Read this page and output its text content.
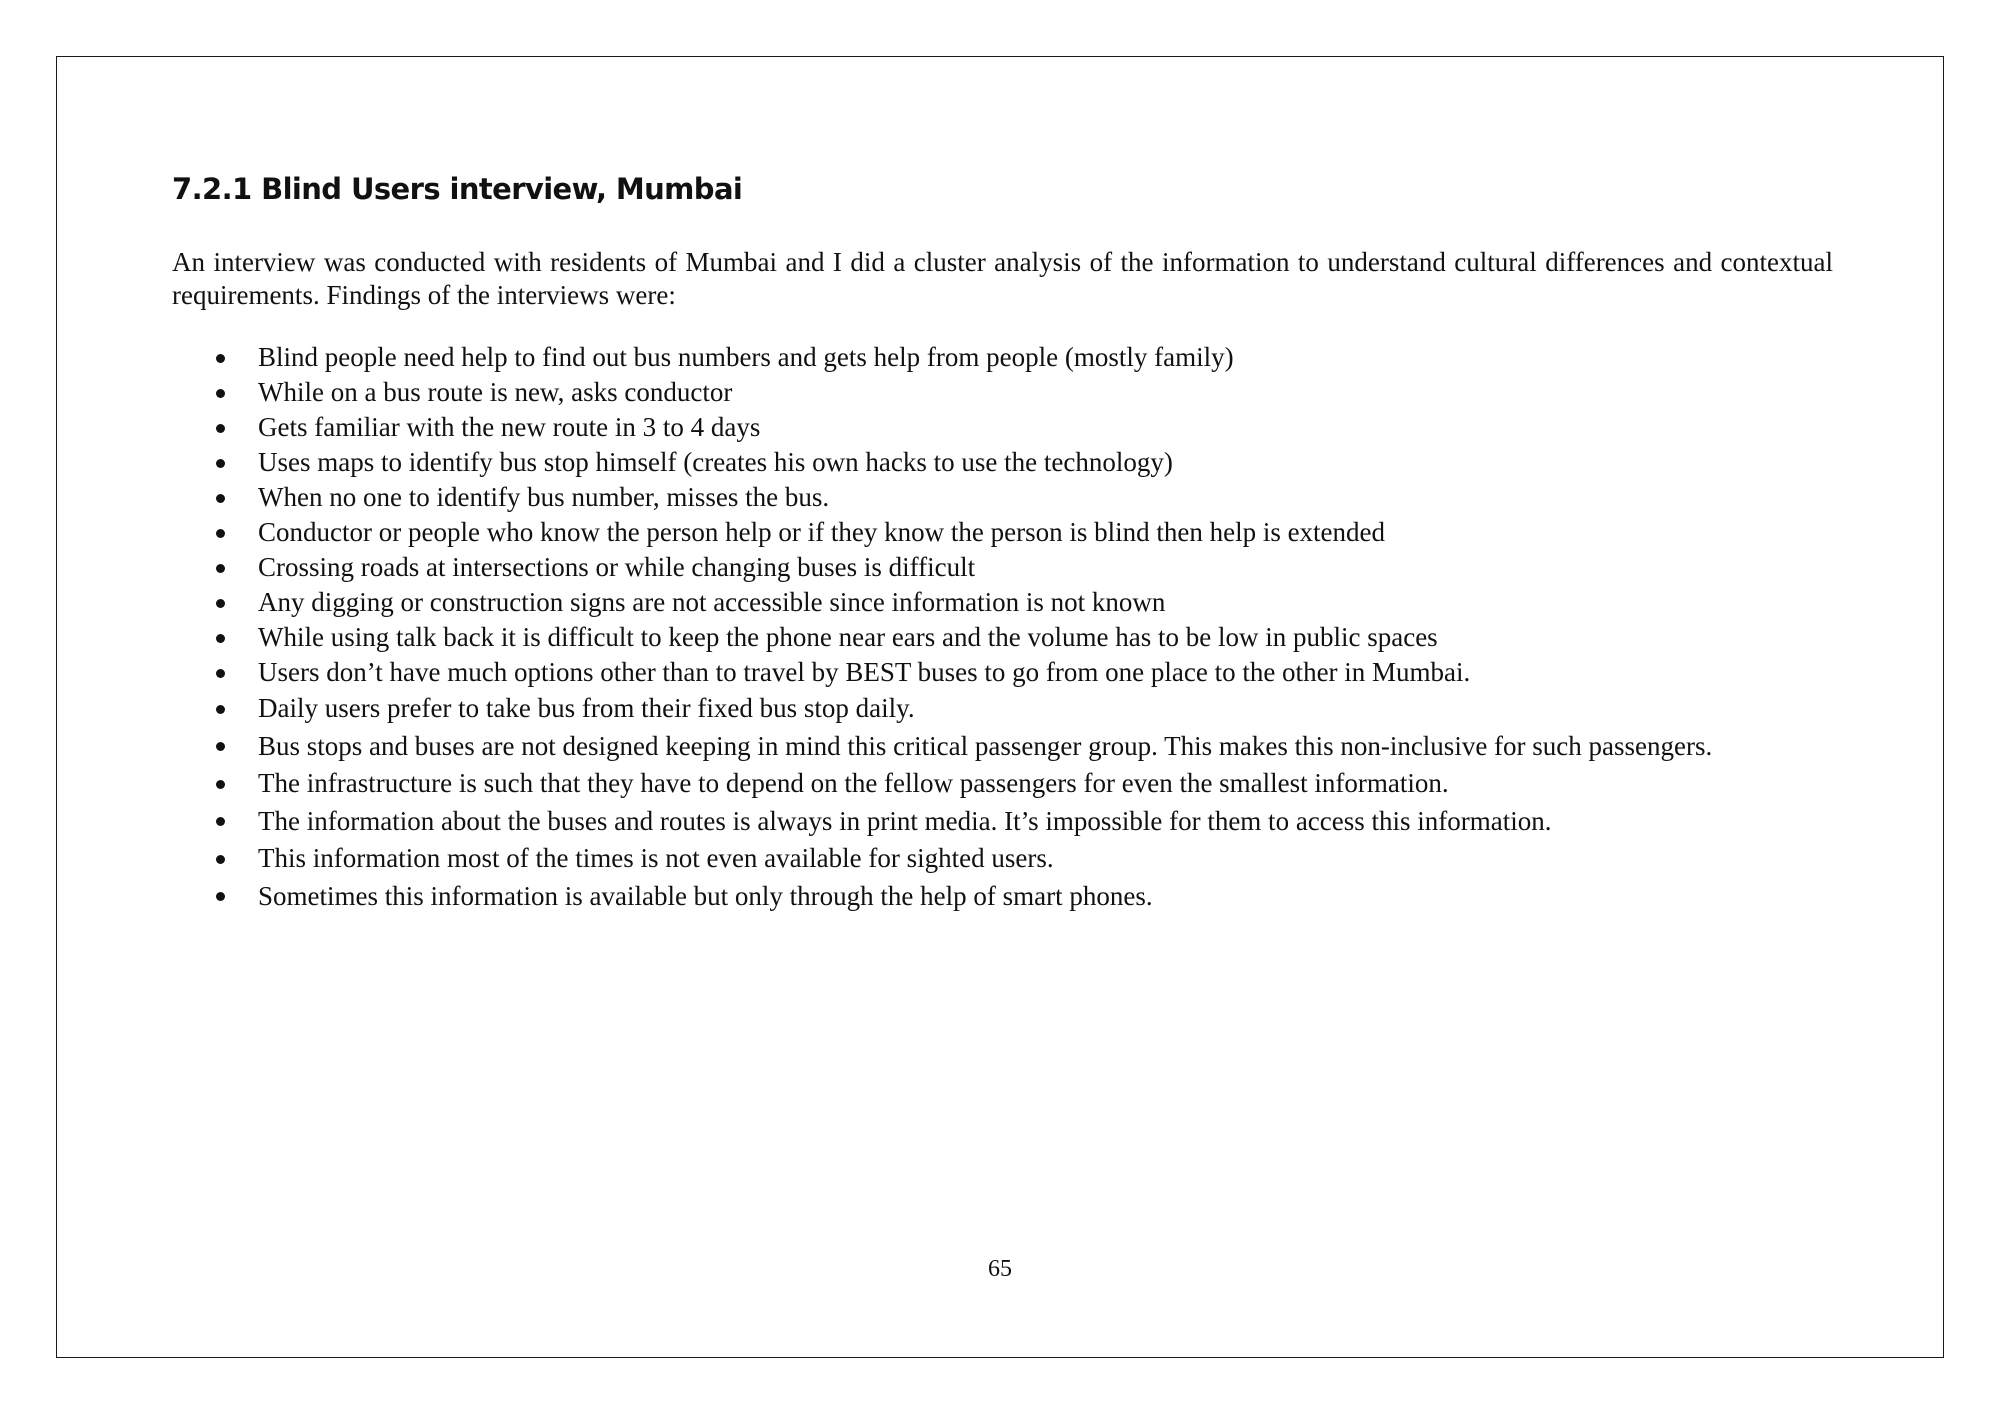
7.2.1 Blind Users interview, Mumbai

An interview was conducted with residents of Mumbai and I did a cluster analysis of the information to understand cultural differences and contextual requirements. Findings of the interviews were:

Blind people need help to find out bus numbers and gets help from people (mostly family)
While on a bus route is new, asks conductor
Gets familiar with the new route in 3 to 4 days
Uses maps to identify bus stop himself (creates his own hacks to use the technology)
When no one to identify bus number, misses the bus.
Conductor or people who know the person help or if they know the person is blind then help is extended
Crossing roads at intersections or while changing buses is difficult
Any digging or construction signs are not accessible since information is not known
While using talk back it is difficult to keep the phone near ears and the volume has to be low in public spaces
Users don’t have much options other than to travel by BEST buses to go from one place to the other in Mumbai.
Daily users prefer to take bus from their fixed bus stop daily.
Bus stops and buses are not designed keeping in mind this critical passenger group. This makes this non-inclusive for such passengers.
The infrastructure is such that they have to depend on the fellow passengers for even the smallest information.
The information about the buses and routes is always in print media. It’s impossible for them to access this information.
This information most of the times is not even available for sighted users.
Sometimes this information is available but only through the help of smart phones.
65
